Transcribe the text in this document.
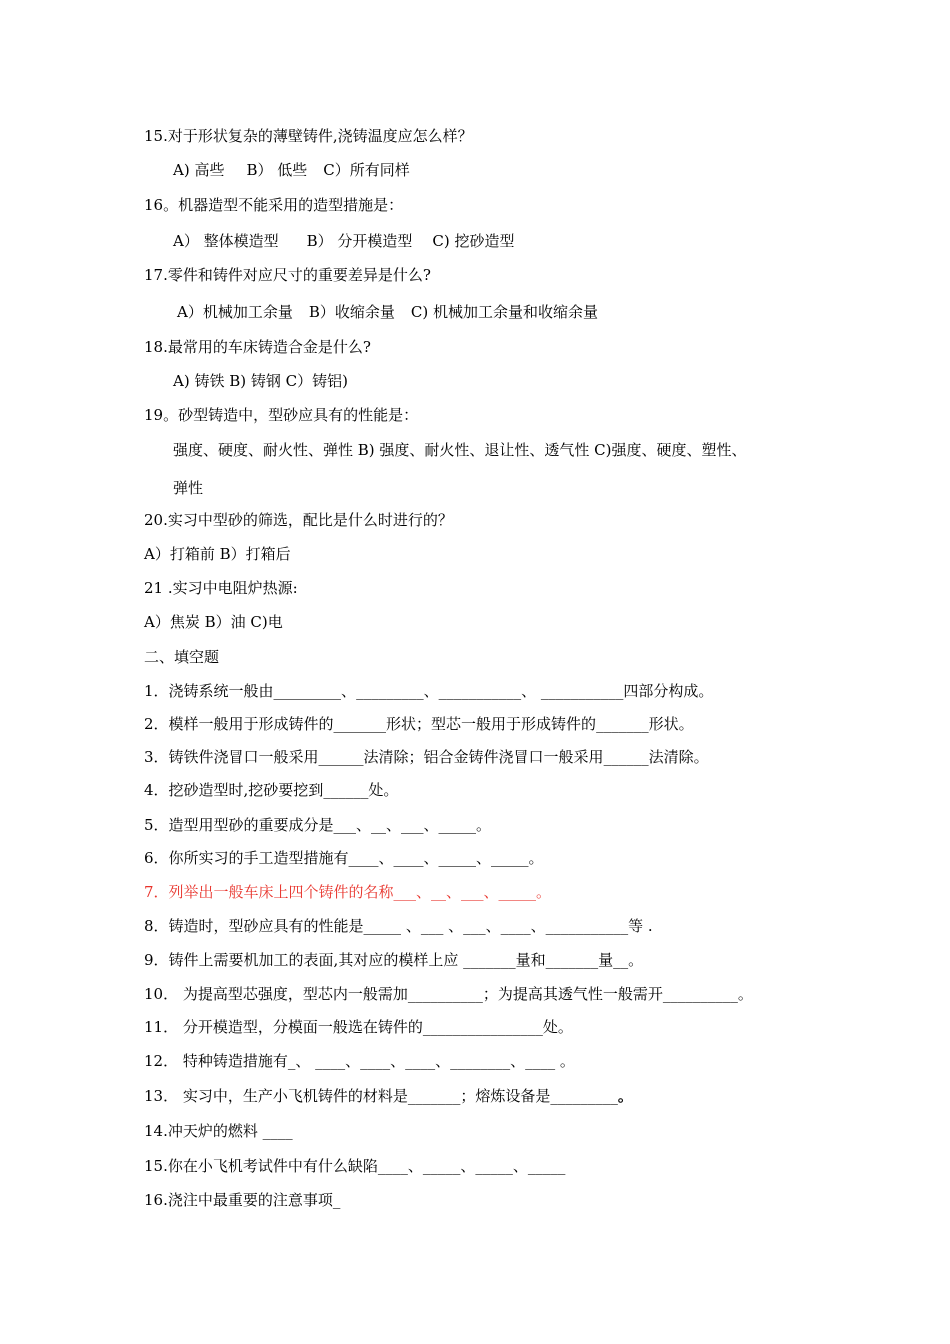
15.对于形状复杂的薄壁铸件,浇铸温度应怎么样？
A) 高些 B） 低些 C）所有同样
16。机器造型不能采用的造型措施是：
A） 整体模造型 B） 分开模造型 C) 挖砂造型
17.零件和铸件对应尺寸的重要差异是什么?
A）机械加工余量 B）收缩余量 C) 机械加工余量和收缩余量
18.最常用的车床铸造合金是什么?
A) 铸铁 B) 铸钢 C）铸铝)
19。砂型铸造中，型砂应具有的性能是：
强度、硬度、耐火性、弹性 B) 强度、耐火性、退让性、透气性 C)强度、硬度、塑性、
弹性
20.实习中型砂的筛选，配比是什么时进行的？
A）打箱前 B）打箱后
21 .实习中电阻炉热源:
A）焦炭 B）油 C)电
二、填空题
1．浇铸系统一般由_________、_________、___________、 ___________四部分构成。
2．模样一般用于形成铸件的_______形状；型芯一般用于形成铸件的_______形状。
3．铸铁件浇冒口一般采用______法清除；铝合金铸件浇冒口一般采用______法清除。
4．挖砂造型时,挖砂要挖到______处。
5．造型用型砂的重要成分是___、__、___、_____。
6．你所实习的手工造型措施有____、____、_____、_____。
7．列举出一般车床上四个铸件的名称___、__、___、_____。
8．铸造时，型砂应具有的性能是_____ 、___ 、___、____、___________等 .
9．铸件上需要机加工的表面,其对应的模样上应 _______量和_______量__。
10． 为提高型芯强度，型芯内一般需加__________；为提高其透气性一般需开__________。
11． 分开模造型，分模面一般选在铸件的________________处。
12． 特种铸造措施有_、 ____、____、____、________、____ 。
13． 实习中，生产小飞机铸件的材料是_______；熔炼设备是_________。
14.冲天炉的燃料 ____
15.你在小飞机考试件中有什么缺陷____、_____、_____、_____
16.浇注中最重要的注意事项_
